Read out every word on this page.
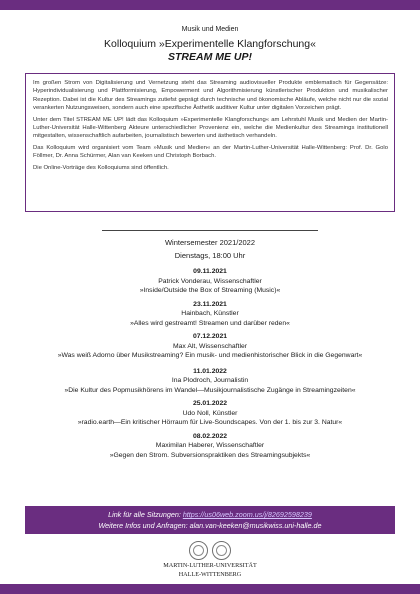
Musik und Medien
Kolloquium »Experimentelle Klangforschung«
STREAM ME UP!

Im großen Strom von Digitalisierung und Vernetzung steht das Streaming audiovisueller Produkte emblematisch für Gegensätze: Hyperindividualisierung und Plattformisierung, Empowerment und Algorithmisierung künstlerischer Produktion und musikalischer Rezeption. Dabei ist die Kultur des Streamings zutiefst geprägt durch technische und ökonomische Abläufe, welche nicht nur die sozial verankerten Nutzungsweisen, sondern auch eine spezifische Ästhetik auditiver Kultur unter digitalen Vorzeichen prägt.

Unter dem Titel STREAM ME UP! lädt das Kolloquium »Experimentelle Klangforschung« am Lehrstuhl Musik und Medien der Martin-Luther-Universität Halle-Wittenberg Akteure unterschiedlicher Provenienz ein, welche die Medienkultur des Streamings institutionell mitgestalten, wissenschaftlich aufarbeiten, journalistisch bewerten und ästhetisch verhandeln.

Das Kolloquium wird organisiert vom Team »Musik und Medien« an der Martin-Luther-Universität Halle-Wittenberg: Prof. Dr. Golo Föllmer, Dr. Anna Schürmer, Alan van Keeken und Christoph Borbach.

Die Online-Vorträge des Kolloquiums sind öffentlich.

Wintersemester 2021/2022
Dienstags, 18:00 Uhr
09.11.2021
Patrick Vonderau, Wissenschaftler
»Inside/Outside the Box of Streaming (Music)«
23.11.2021
Hainbach, Künstler
»Alles wird gestreamt! Streamen und darüber reden«
07.12.2021
Max Alt, Wissenschaftler
»Was weiß Adorno über Musikstreaming? Ein musik- und medienhistorischer Blick in die Gegenwart«
11.01.2022
Ina Plodroch, Journalistin
»Die Kultur des Popmusikhörens im Wandel—Musikjournalistische Zugänge in Streamingzeiten«
25.01.2022
Udo Noll, Künstler
»radio.earth—Ein kritischer Hörraum für Live-Soundscapes. Von der 1. bis zur 3. Natur«
08.02.2022
Maximilan Haberer, Wissenschaftler
»Gegen den Strom. Subversionspraktiken des Streamingsubjekts«
Link für alle Sitzungen: https://us06web.zoom.us/j/82692598239
Weitere Infos und Anfragen: alan.van-keeken@musikwiss.uni-halle.de
MARTIN-LUTHER-UNIVERSITÄT
HALLE-WITTENBERG
